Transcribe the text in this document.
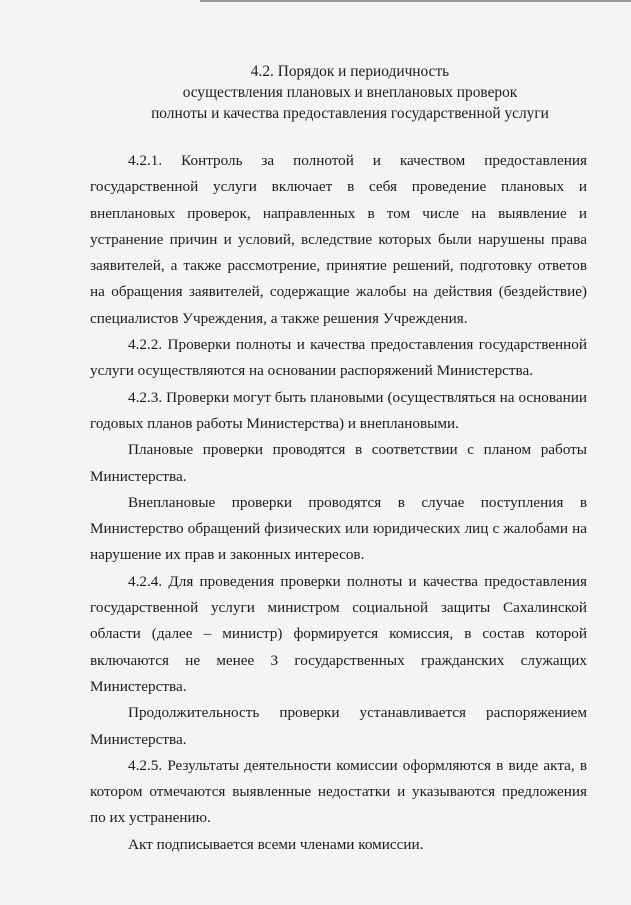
4.2. Порядок и периодичность
осуществления плановых и внеплановых проверок
полноты и качества предоставления государственной услуги

4.2.1. Контроль за полнотой и качеством предоставления государственной услуги включает в себя проведение плановых и внеплановых проверок, направленных в том числе на выявление и устранение причин и условий, вследствие которых были нарушены права заявителей, а также рассмотрение, принятие решений, подготовку ответов на обращения заявителей, содержащие жалобы на действия (бездействие) специалистов Учреждения, а также решения Учреждения.

4.2.2. Проверки полноты и качества предоставления государственной услуги осуществляются на основании распоряжений Министерства.

4.2.3. Проверки могут быть плановыми (осуществляться на основании годовых планов работы Министерства) и внеплановыми.

Плановые проверки проводятся в соответствии с планом работы Министерства.

Внеплановые проверки проводятся в случае поступления в Министерство обращений физических или юридических лиц с жалобами на нарушение их прав и законных интересов.

4.2.4. Для проведения проверки полноты и качества предоставления государственной услуги министром социальной защиты Сахалинской области (далее – министр) формируется комиссия, в состав которой включаются не менее 3 государственных гражданских служащих Министерства.

Продолжительность проверки устанавливается распоряжением Министерства.

4.2.5. Результаты деятельности комиссии оформляются в виде акта, в котором отмечаются выявленные недостатки и указываются предложения по их устранению.

Акт подписывается всеми членами комиссии.
